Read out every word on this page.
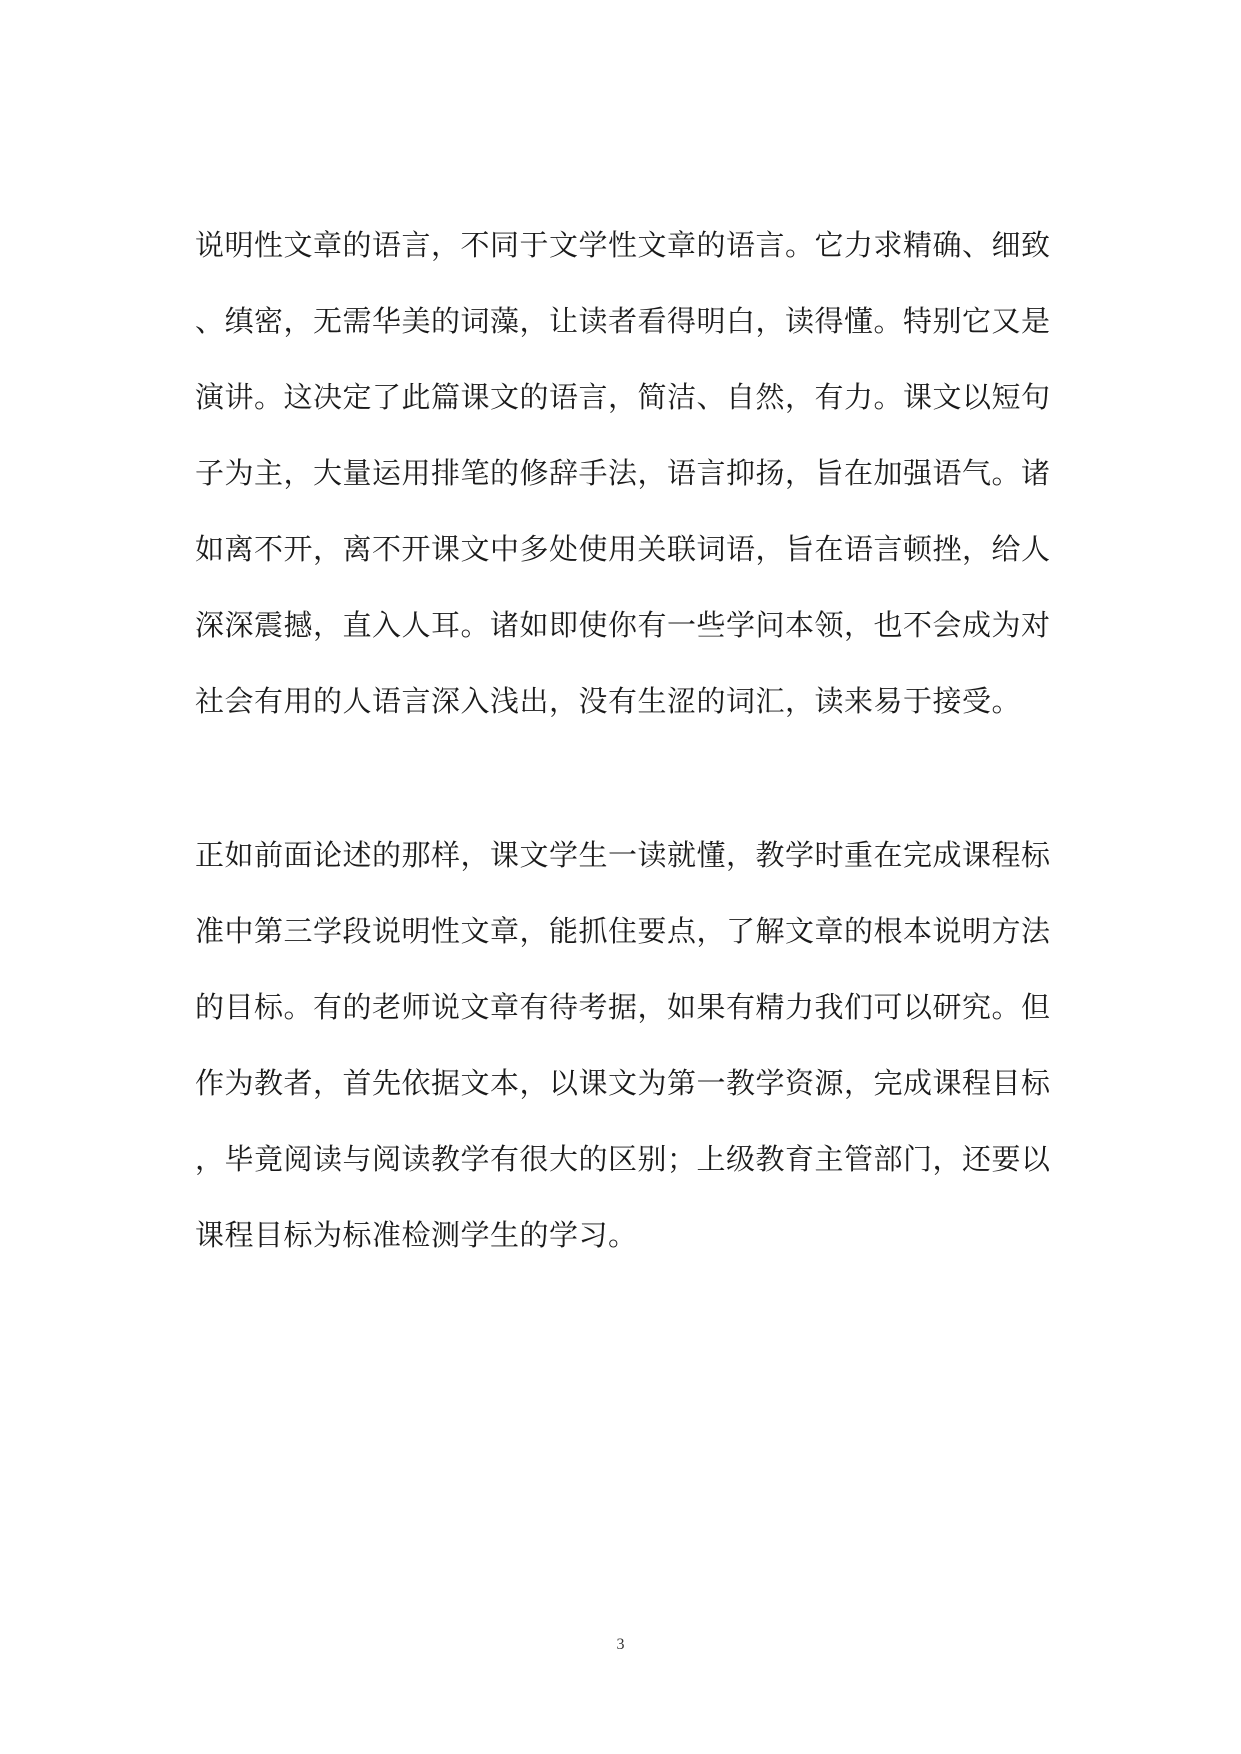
说明性文章的语言，不同于文学性文章的语言。它力求精确、细致
、缜密，无需华美的词藻，让读者看得明白，读得懂。特别它又是
演讲。这决定了此篇课文的语言，简洁、自然，有力。课文以短句
子为主，大量运用排笔的修辞手法，语言抑扬，旨在加强语气。诸
如离不开，离不开课文中多处使用关联词语，旨在语言顿挫，给人
深深震撼，直入人耳。诸如即使你有一些学问本领，也不会成为对
社会有用的人语言深入浅出，没有生涩的词汇，读来易于接受。
正如前面论述的那样，课文学生一读就懂，教学时重在完成课程标
准中第三学段说明性文章，能抓住要点，了解文章的根本说明方法
的目标。有的老师说文章有待考据，如果有精力我们可以研究。但
作为教者，首先依据文本，以课文为第一教学资源，完成课程目标
，毕竟阅读与阅读教学有很大的区别；上级教育主管部门，还要以
课程目标为标准检测学生的学习。
3
